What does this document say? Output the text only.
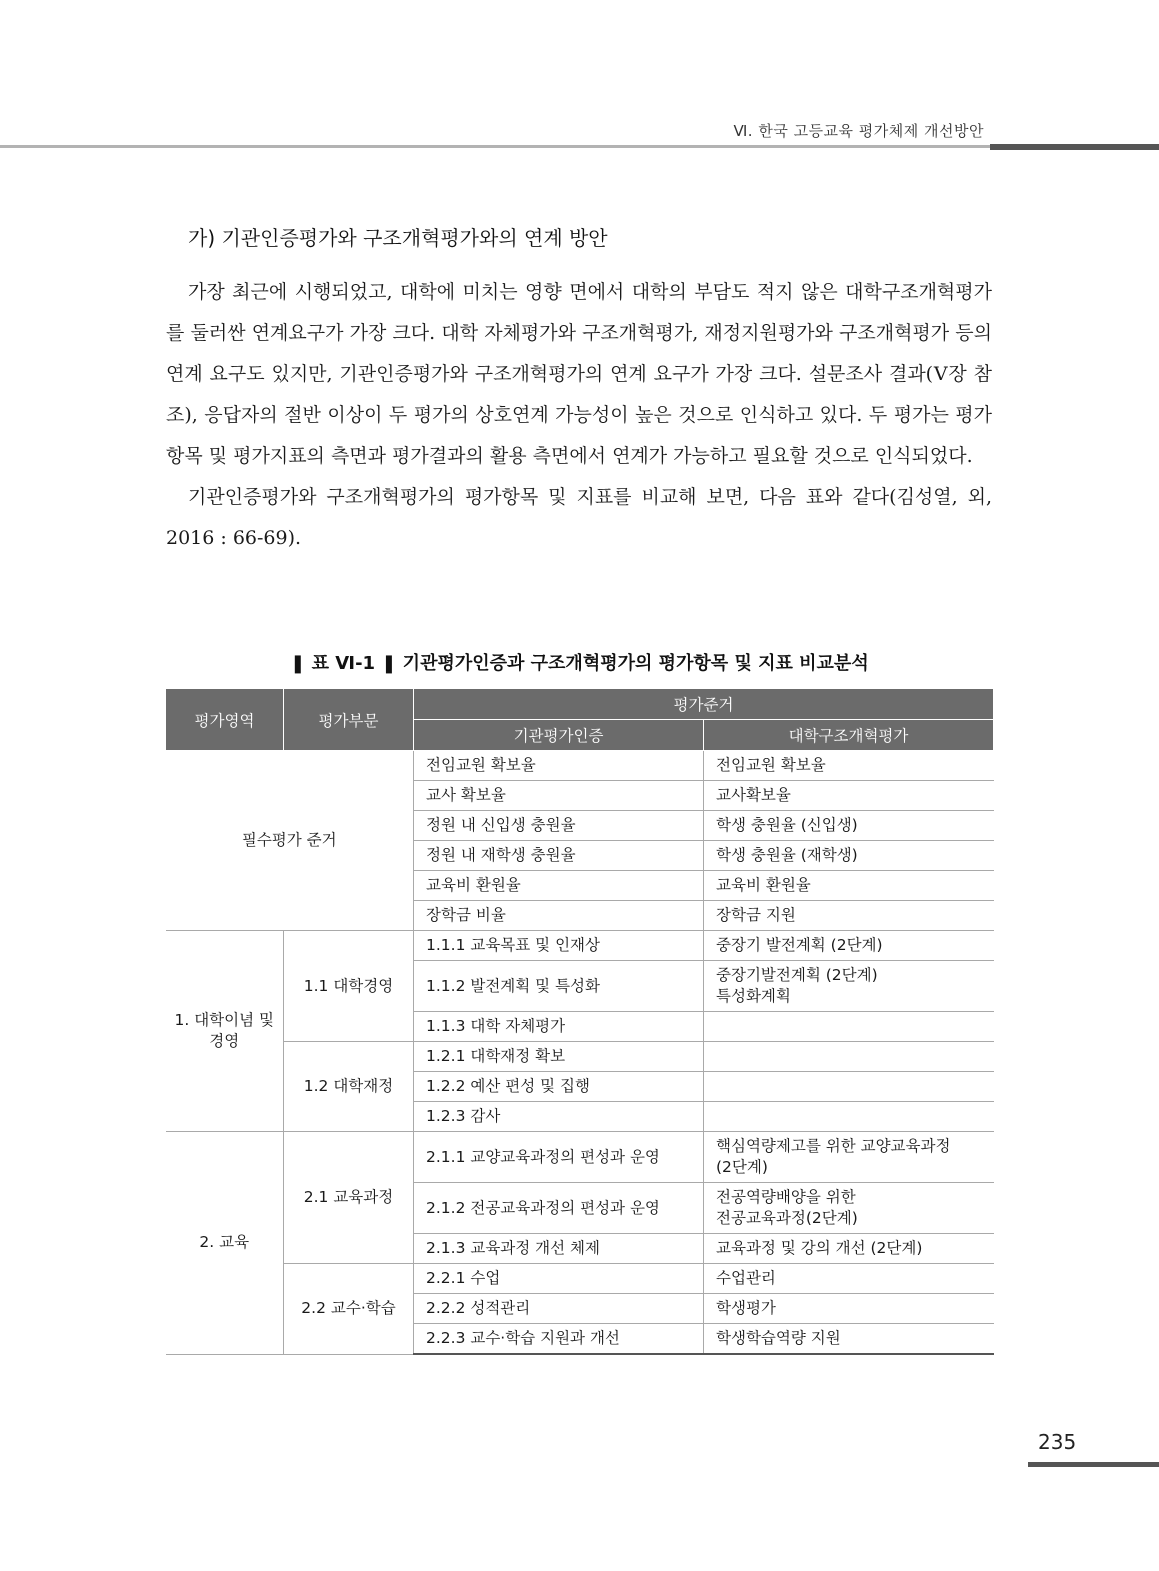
Ⅵ. 한국 고등교육 평가체제 개선방안
가) 기관인증평가와 구조개혁평가와의 연계 방안

가장 최근에 시행되었고, 대학에 미치는 영향 면에서 대학의 부담도 적지 않은 대학구조개혁평가를 둘러싼 연계요구가 가장 크다. 대학 자체평가와 구조개혁평가, 재정지원평가와 구조개혁평가 등의 연계 요구도 있지만, 기관인증평가와 구조개혁평가의 연계 요구가 가장 크다. 설문조사 결과(Ⅴ장 참조), 응답자의 절반 이상이 두 평가의 상호연계 가능성이 높은 것으로 인식하고 있다. 두 평가는 평가항목 및 평가지표의 측면과 평가결과의 활용 측면에서 연계가 가능하고 필요할 것으로 인식되었다.

기관인증평가와 구조개혁평가의 평가항목 및 지표를 비교해 보면, 다음 표와 같다(김성열, 외, 2016 : 66-69).

❚ 표 Ⅵ-1 ❚ 기관평가인증과 구조개혁평가의 평가항목 및 지표 비교분석
평가영역	평가부문	평가준거	
		기관평가인증	대학구조개혁평가
필수평가 준거		전임교원 확보율	전임교원 확보율
		교사 확보율	교사확보율
		정원 내 신입생 충원율	학생 충원율 (신입생)
		정원 내 재학생 충원율	학생 충원율 (재학생)
		교육비 환원율	교육비 환원율
		장학금 비율	장학금 지원
1. 대학이념 및 경영	1.1 대학경영	1.1.1 교육목표 및 인재상	중장기 발전계획 (2단계)
		1.1.2 발전계획 및 특성화	중장기발전계획 (2단계)
특성화계획

		1.1.3 대학 자체평가	
	1.2 대학재정	1.2.1 대학재정 확보	
		1.2.2 예산 편성 및 집행	
		1.2.3 감사	
2. 교육	2.1 교육과정	2.1.1 교양교육과정의 편성과 운영	핵심역량제고를 위한 교양교육과정
(2단계)

		2.1.2 전공교육과정의 편성과 운영	전공역량배양을 위한
전공교육과정(2단계)

		2.1.3 교육과정 개선 체제	교육과정 및 강의 개선 (2단계)
	2.2 교수·학습	2.2.1 수업	수업관리
		2.2.2 성적관리	학생평가
		2.2.3 교수·학습 지원과 개선	학생학습역량 지원
235
